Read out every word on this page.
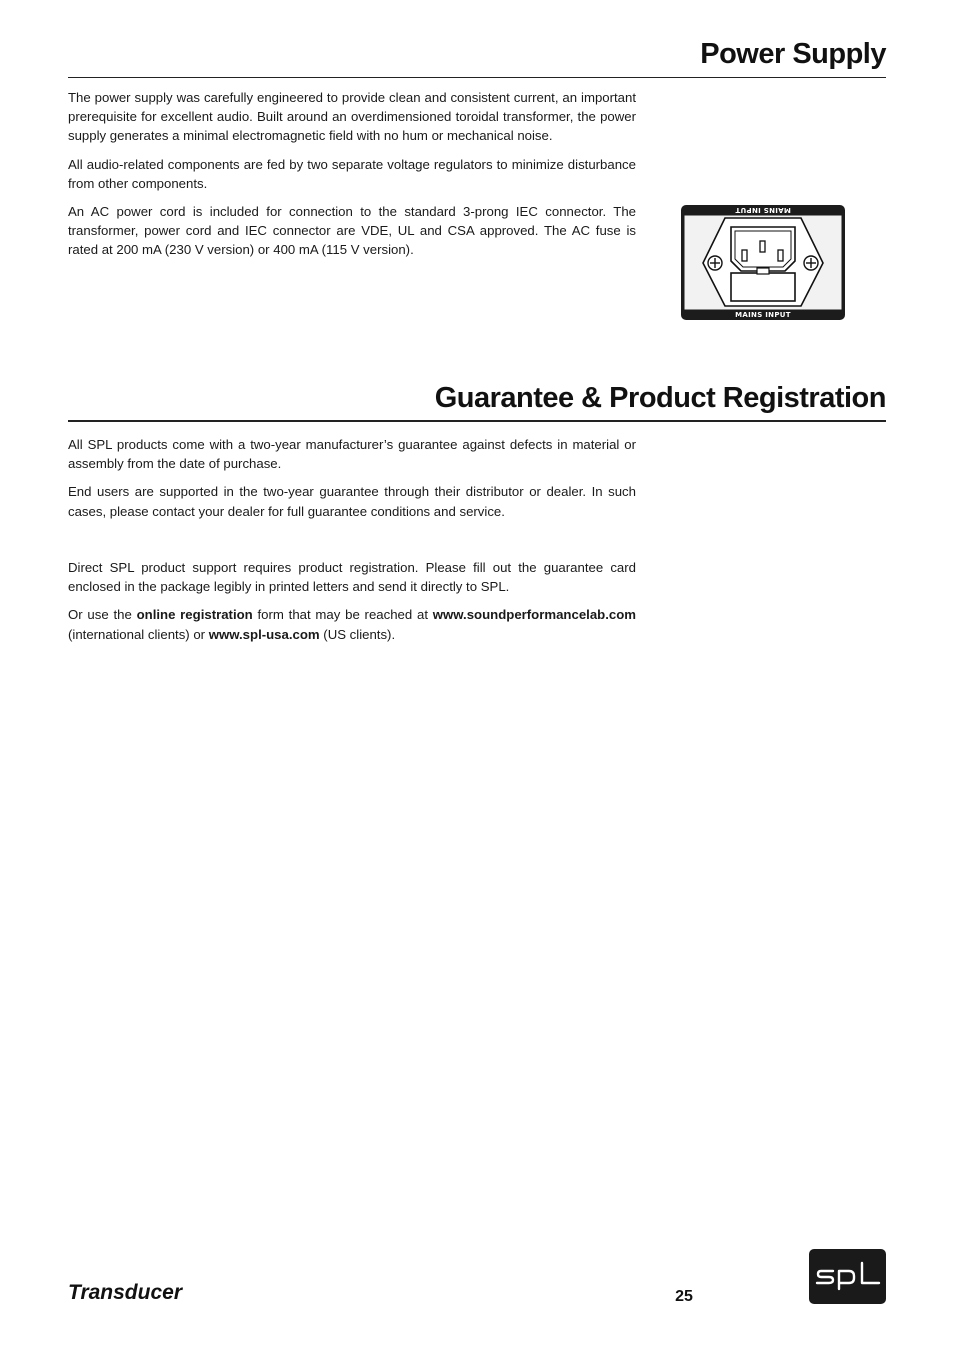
Power Supply

The power supply was carefully engineered to provide clean and consistent current, an important prerequisite for excellent audio. Built around an overdimensioned toroidal transformer, the power supply generates a minimal electromagnetic field with no hum or mechanical noise.

All audio-related components are fed by two separate voltage regulators to minimize disturbance from other components.

An AC power cord is included for connection to the standard 3-prong IEC connector. The transformer, power cord and IEC connector are VDE, UL and CSA approved. The AC fuse is rated at 200 mA (230 V version) or 400 mA (115 V version).

MAINS INPUT
MAINS INPUT
Guarantee & Product Registration

All SPL products come with a two-year manufacturer’s guarantee against defects in material or assembly from the date of purchase.

End users are supported in the two-year guarantee through their distributor or dealer. In such cases, please contact your dealer for full guarantee conditions and service.

Direct SPL product support requires product registration. Please fill out the guarantee card enclosed in the package legibly in printed letters and send it directly to SPL.

Or use the online registration form that may be reached at www.soundperformancelab.com (international clients) or www.spl-usa.com (US clients).

Transducer	25
